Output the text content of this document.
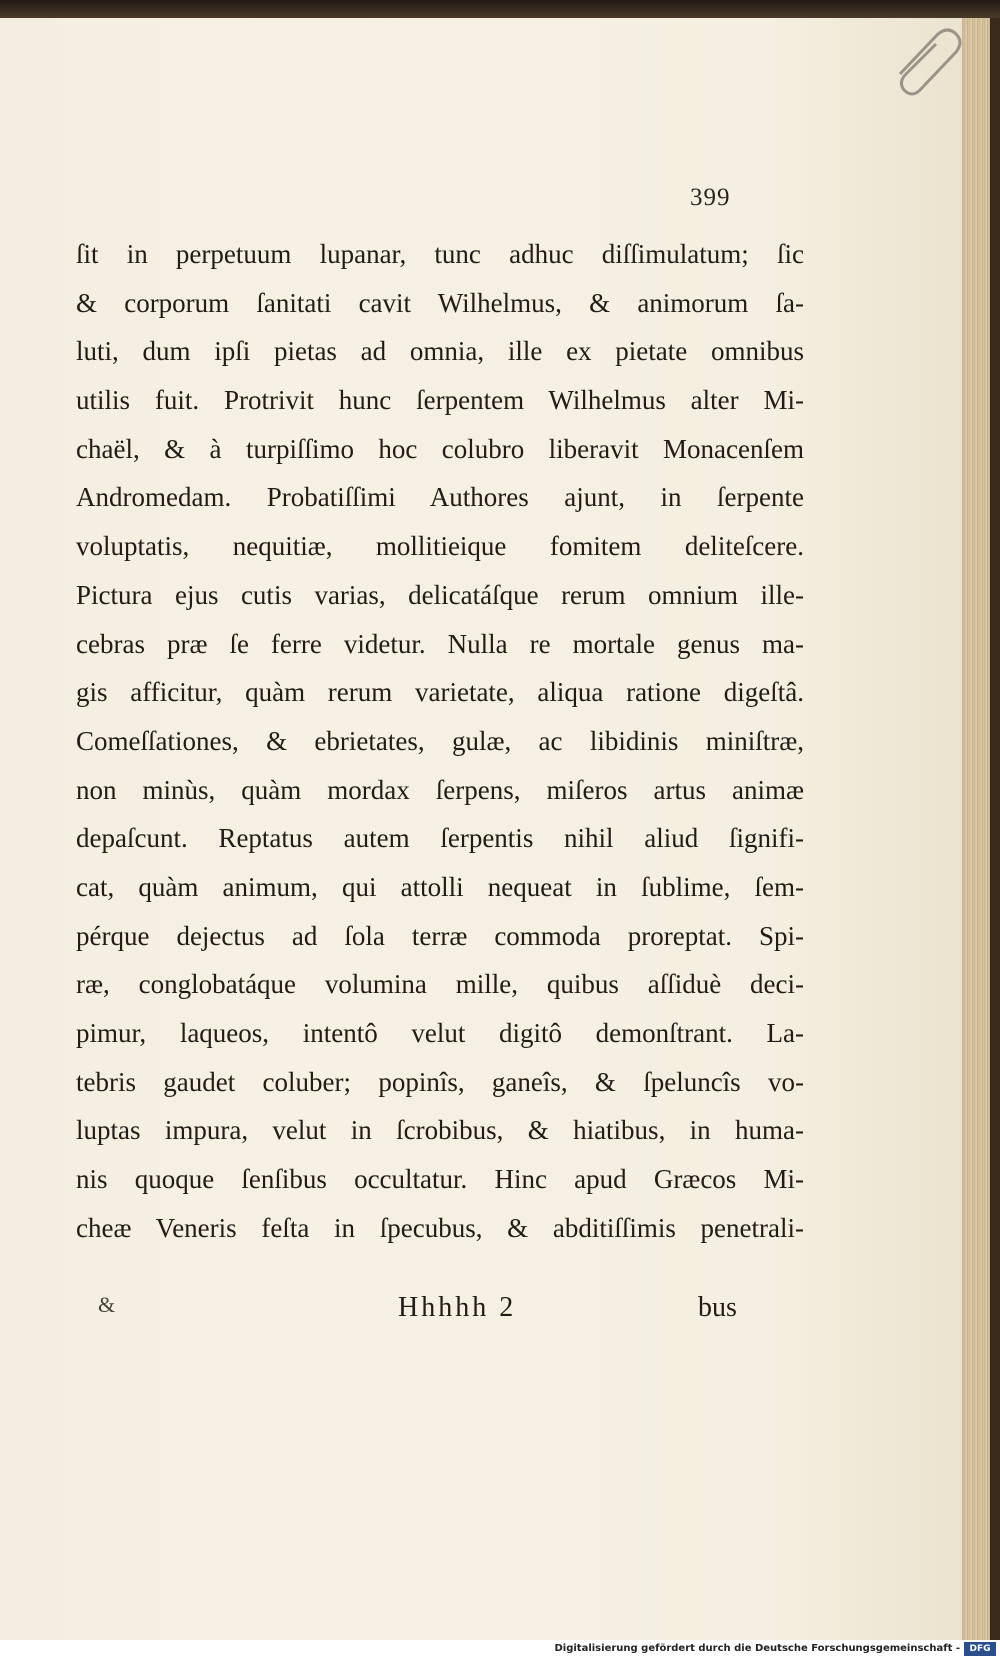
399
ſit in perpetuum lupanar, tunc adhuc diſſimulatum; ſic
& corporum ſanitati cavit Wilhelmus, & animorum ſa-
luti, dum ipſi pietas ad omnia, ille ex pietate omnibus
utilis fuit. Protrivit hunc ſerpentem Wilhelmus alter Mi-
chaël, & à turpiſſimo hoc colubro liberavit Monacenſem
Andromedam. Probatiſſimi Authores ajunt, in ſerpente
voluptatis, nequitiæ, mollitieique fomitem deliteſcere.
Pictura ejus cutis varias, delicatáſque rerum omnium ille-
cebras præ ſe ferre videtur. Nulla re mortale genus ma-
gis afficitur, quàm rerum varietate, aliqua ratione digeſtâ.
Comeſſationes, & ebrietates, gulæ, ac libidinis miniſtræ,
non minùs, quàm mordax ſerpens, miſeros artus animæ
depaſcunt. Reptatus autem ſerpentis nihil aliud ſignifi-
cat, quàm animum, qui attolli nequeat in ſublime, ſem-
pérque dejectus ad ſola terræ commoda proreptat. Spi-
ræ, conglobatáque volumina mille, quibus aſſiduè deci-
pimur, laqueos, intentô velut digitô demonſtrant. La-
tebris gaudet coluber; popinîs, ganeîs, & ſpeluncîs vo-
luptas impura, velut in ſcrobibus, & hiatibus, in huma-
nis quoque ſenſibus occultatur. Hinc apud Græcos Mi-
cheæ Veneris feſta in ſpecubus, & abditiſſimis penetrali-
&	Hhhhh 2	bus
Digitalisierung gefördert durch die Deutsche Forschungsgemeinschaft -	DFG
